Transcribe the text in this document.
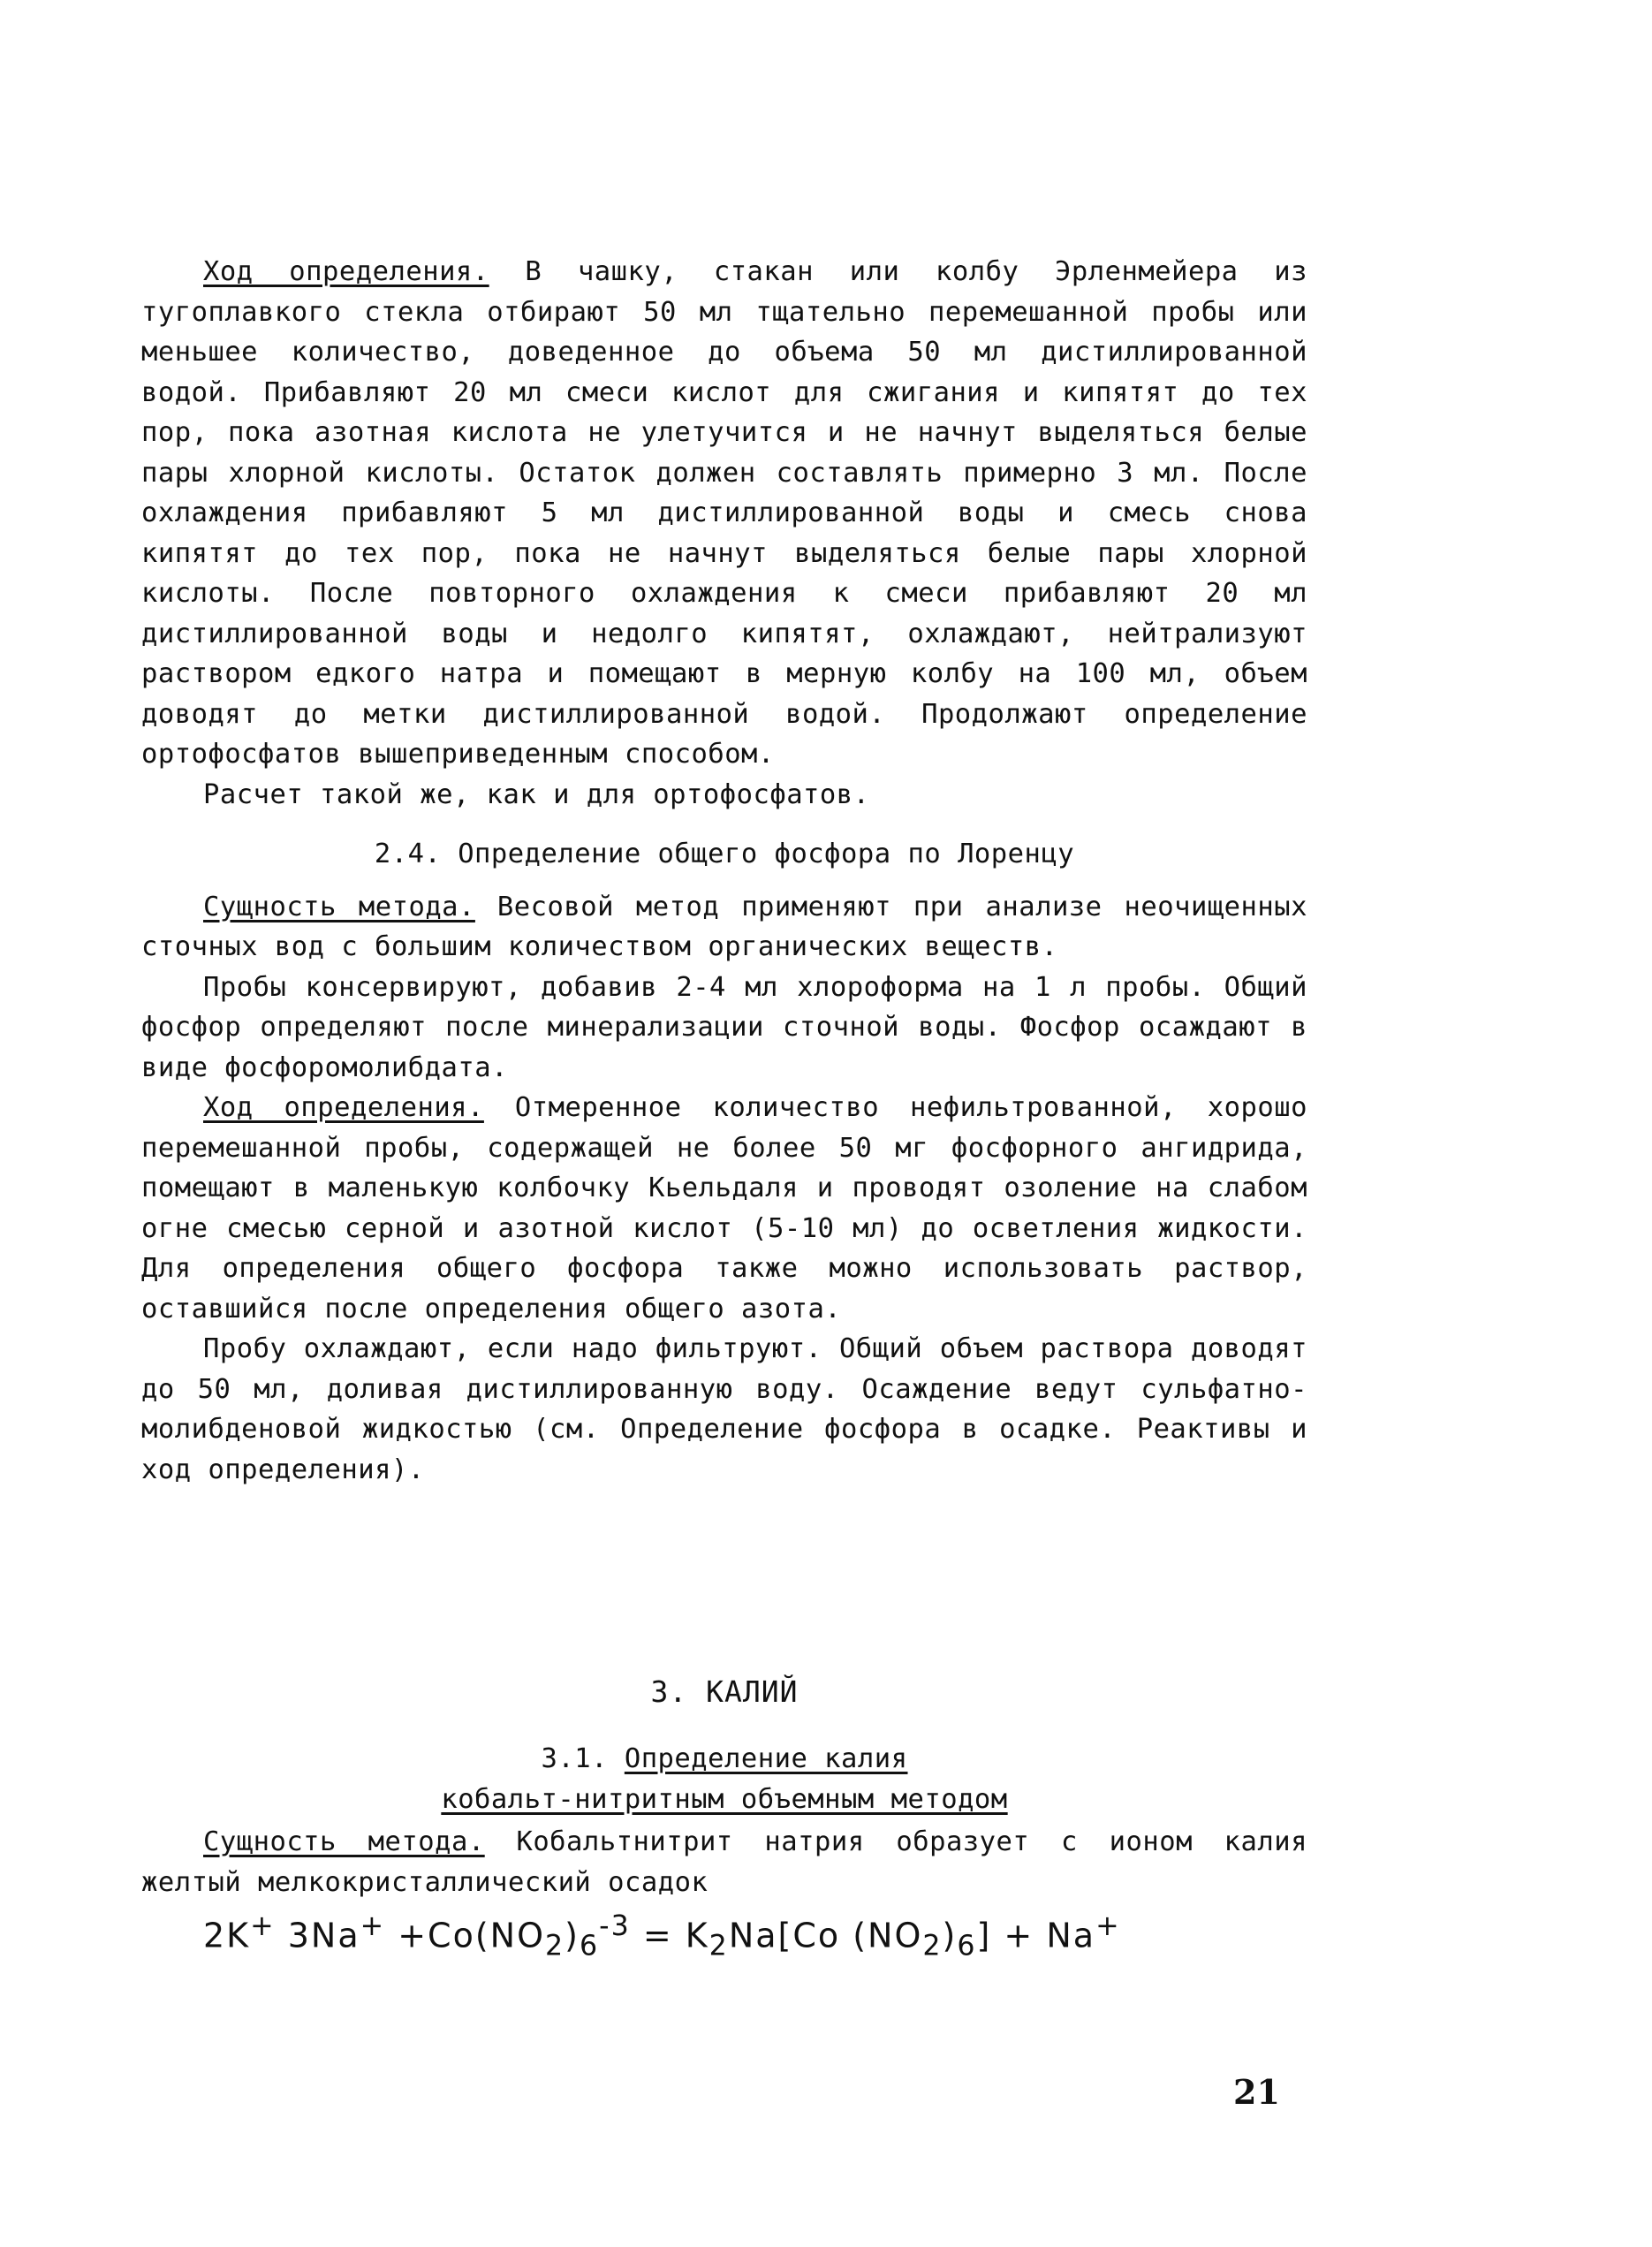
Ход определения. В чашку, стакан или колбу Эрленмейера из тугоплавкого стекла отбирают 50 мл тщательно перемешанной пробы или меньшее количество, доведенное до объема 50 мл дистиллированной водой. Прибавляют 20 мл смеси кислот для сжигания и кипятят до тех пор, пока азотная кислота не улетучится и не начнут выделяться белые пары хлорной кислоты. Остаток должен составлять примерно 3 мл. После охлаждения прибавляют 5 мл дистиллированной воды и смесь снова кипятят до тех пор, пока не начнут выделяться белые пары хлорной кислоты. После повторного охлаждения к смеси прибавляют 20 мл дистиллированной воды и недолго кипятят, охлаждают, нейтрализуют раствором едкого натра и помещают в мерную колбу на 100 мл, объем доводят до метки дистиллированной водой. Продолжают определение ортофосфатов вышеприведенным способом.

Расчет такой же, как и для ортофосфатов.

2.4. Определение общего фосфора по Лоренцу

Сущность метода. Весовой метод применяют при анализе неочищенных сточных вод с большим количеством органических веществ.

Пробы консервируют, добавив 2-4 мл хлороформа на 1 л пробы. Общий фосфор определяют после минерализации сточной воды. Фосфор осаждают в виде фосфоромолибдата.

Ход определения. Отмеренное количество нефильтрованной, хорошо перемешанной пробы, содержащей не более 50 мг фосфорного ангидрида, помещают в маленькую колбочку Кьельдаля и проводят озоление на слабом огне смесью серной и азотной кислот (5-10 мл) до осветления жидкости. Для определения общего фосфора также можно использовать раствор, оставшийся после определения общего азота.

Пробу охлаждают, если надо фильтруют. Общий объем раствора доводят до 50 мл, доливая дистиллированную воду. Осаждение ведут сульфатно-молибденовой жидкостью (см. Определение фосфора в осадке. Реактивы и ход определения).

3. КАЛИЙ
3.1. Определение калия
кобальт-нитритным объемным методом

Сущность метода. Кобальтнитрит натрия образует с ионом калия желтый мелкокристаллический осадок

2K+ $3Na^+ +Co(NO_2)_6^{-3} = K_2Na[Co$ $(NO_2)_6] + Na^+$
21
